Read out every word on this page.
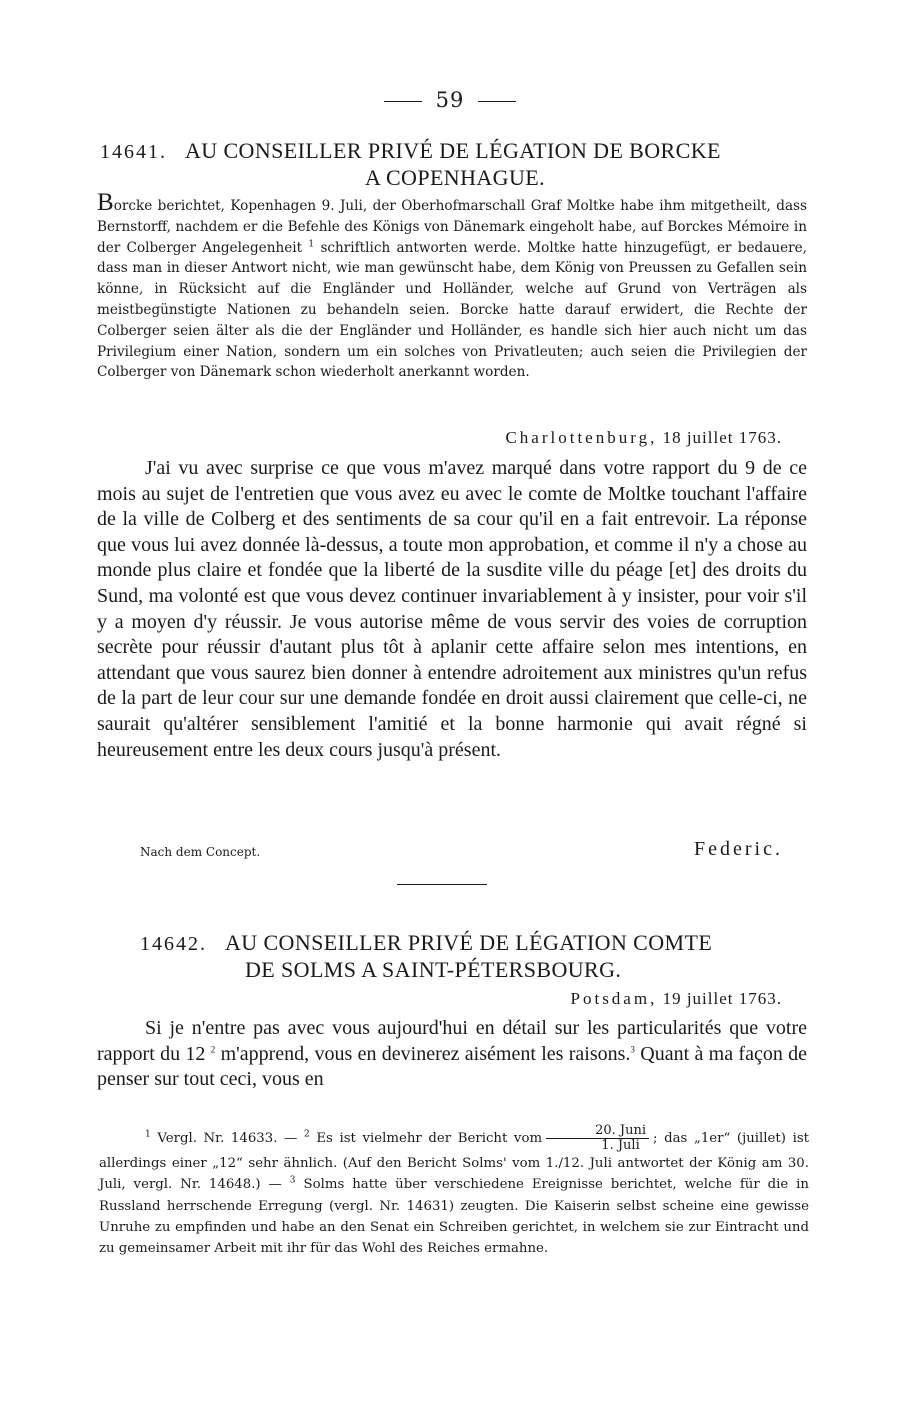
59
14641. AU CONSEILLER PRIVÉ DE LÉGATION DE BORCKE
A COPENHAGUE.
Borcke berichtet, Kopenhagen 9. Juli, der Oberhofmarschall Graf Moltke habe ihm mitgetheilt, dass Bernstorff, nachdem er die Befehle des Königs von Dänemark eingeholt habe, auf Borckes Mémoire in der Colberger Angelegenheit $^1$ schriftlich antworten werde. Moltke hatte hinzugefügt, er bedauere, dass man in dieser Antwort nicht, wie man gewünscht habe, dem König von Preussen zu Gefallen sein könne, in Rücksicht auf die Engländer und Holländer, welche auf Grund von Verträgen als meistbegünstigte Nationen zu behandeln seien. Borcke hatte darauf erwidert, die Rechte der Colberger seien älter als die der Engländer und Holländer, es handle sich hier auch nicht um das Privilegium einer Nation, sondern um ein solches von Privatleuten; auch seien die Privilegien der Colberger von Dänemark schon wiederholt anerkannt worden.
Charlottenburg, 18 juillet 1763.
J'ai vu avec surprise ce que vous m'avez marqué dans votre rapport du 9 de ce mois au sujet de l'entretien que vous avez eu avec le comte de Moltke touchant l'affaire de la ville de Colberg et des sentiments de sa cour qu'il en a fait entrevoir. La réponse que vous lui avez donnée là-dessus, a toute mon approbation, et comme il n'y a chose au monde plus claire et fondée que la liberté de la susdite ville du péage [et] des droits du Sund, ma volonté est que vous devez continuer invariablement à y insister, pour voir s'il y a moyen d'y réussir. Je vous autorise même de vous servir des voies de corruption secrète pour réussir d'autant plus tôt à aplanir cette affaire selon mes intentions, en attendant que vous saurez bien donner à entendre adroitement aux ministres qu'un refus de la part de leur cour sur une demande fondée en droit aussi clairement que celle-ci, ne saurait qu'altérer sensiblement l'amitié et la bonne harmonie qui avait régné si heureusement entre les deux cours jusqu'à présent.
Nach dem Concept.	Federic.
14642. AU CONSEILLER PRIVÉ DE LÉGATION COMTE
DE SOLMS A SAINT-PÉTERSBOURG.
Potsdam, 19 juillet 1763.
Si je n'entre pas avec vous aujourd'hui en détail sur les particularités que votre rapport du 12 $^2$ m'apprend, vous en devinerez aisément les raisons.$^3$ Quant à ma façon de penser sur tout ceci, vous en
$^1$ Vergl. Nr. 14633. — $^2$ Es ist vielmehr der Bericht vom $\frac{\text{20. Juni}}{\text{1. Juli}}$ ; das „1er“ (juillet) ist allerdings einer „12“ sehr ähnlich. (Auf den Bericht Solms' vom 1./12. Juli antwortet der König am 30. Juli, vergl. Nr. 14648.) — $^3$ Solms hatte über verschiedene Ereignisse berichtet, welche für die in Russland herrschende Erregung (vergl. Nr. 14631) zeugten. Die Kaiserin selbst scheine eine gewisse Unruhe zu empfinden und habe an den Senat ein Schreiben gerichtet, in welchem sie zur Eintracht und zu gemeinsamer Arbeit mit ihr für das Wohl des Reiches ermahne.
